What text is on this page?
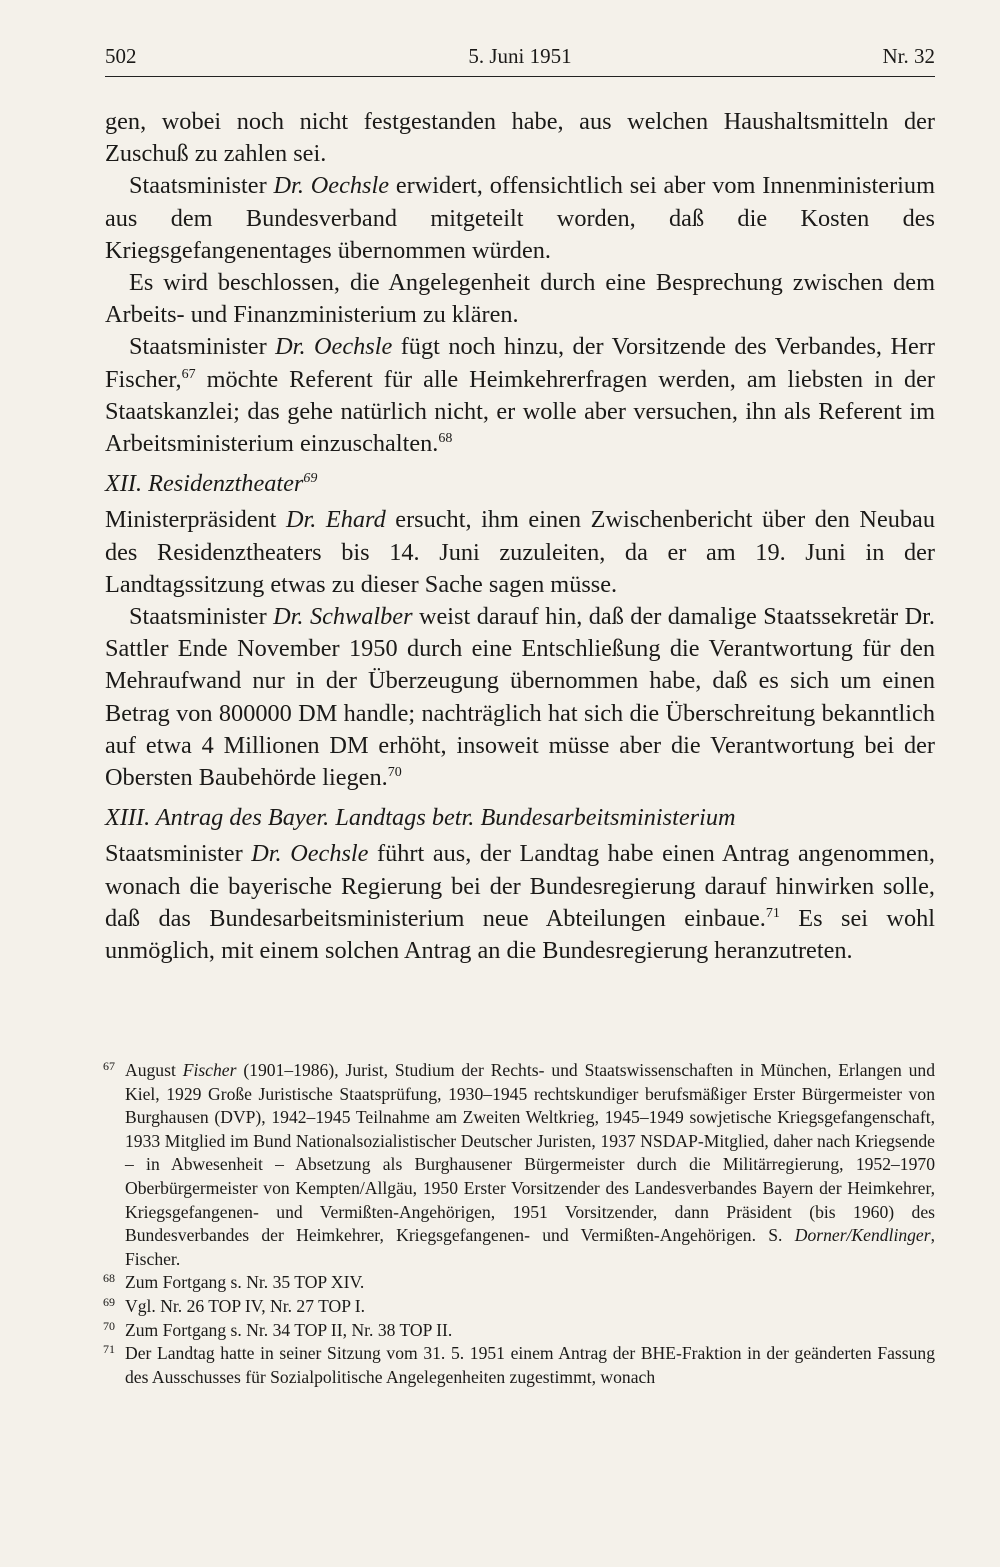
502	5. Juni 1951	Nr. 32

gen, wobei noch nicht festgestanden habe, aus welchen Haushaltsmitteln der Zuschuß zu zahlen sei.

Staatsminister Dr. Oechsle erwidert, offensichtlich sei aber vom Innenministerium aus dem Bundesverband mitgeteilt worden, daß die Kosten des Kriegsgefangenentages übernommen würden.

Es wird beschlossen, die Angelegenheit durch eine Besprechung zwischen dem Arbeits- und Finanzministerium zu klären.

Staatsminister Dr. Oechsle fügt noch hinzu, der Vorsitzende des Verbandes, Herr Fischer,$^{67}$ möchte Referent für alle Heimkehrerfragen werden, am liebsten in der Staatskanzlei; das gehe natürlich nicht, er wolle aber versuchen, ihn als Referent im Arbeitsministerium einzuschalten.$^{68}$

XII. Residenztheater$^{69}$

Ministerpräsident Dr. Ehard ersucht, ihm einen Zwischenbericht über den Neubau des Residenztheaters bis 14. Juni zuzuleiten, da er am 19. Juni in der Landtagssitzung etwas zu dieser Sache sagen müsse.

Staatsminister Dr. Schwalber weist darauf hin, daß der damalige Staatssekretär Dr. Sattler Ende November 1950 durch eine Entschließung die Verantwortung für den Mehraufwand nur in der Überzeugung übernommen habe, daß es sich um einen Betrag von 800000 DM handle; nachträglich hat sich die Überschreitung bekanntlich auf etwa 4 Millionen DM erhöht, insoweit müsse aber die Verantwortung bei der Obersten Baubehörde liegen.$^{70}$

XIII. Antrag des Bayer. Landtags betr. Bundesarbeitsministerium

Staatsminister Dr. Oechsle führt aus, der Landtag habe einen Antrag angenommen, wonach die bayerische Regierung bei der Bundesregierung darauf hinwirken solle, daß das Bundesarbeitsministerium neue Abteilungen einbaue.$^{71}$ Es sei wohl unmöglich, mit einem solchen Antrag an die Bundesregierung heranzutreten.

67 August Fischer (1901–1986), Jurist, Studium der Rechts- und Staatswissenschaften in München, Erlangen und Kiel, 1929 Große Juristische Staatsprüfung, 1930–1945 rechtskundiger berufsmäßiger Erster Bürgermeister von Burghausen (DVP), 1942–1945 Teilnahme am Zweiten Weltkrieg, 1945–1949 sowjetische Kriegsgefangenschaft, 1933 Mitglied im Bund Nationalsozialistischer Deutscher Juristen, 1937 NSDAP-Mitglied, daher nach Kriegsende – in Abwesenheit – Absetzung als Burghausener Bürgermeister durch die Militärregierung, 1952–1970 Oberbürgermeister von Kempten/Allgäu, 1950 Erster Vorsitzender des Landesverbandes Bayern der Heimkehrer, Kriegsgefangenen- und Vermißten-Angehörigen, 1951 Vorsitzender, dann Präsident (bis 1960) des Bundesverbandes der Heimkehrer, Kriegsgefangenen- und Vermißten-Angehörigen. S. Dorner/Kendlinger, Fischer.
68 Zum Fortgang s. Nr. 35 TOP XIV.
69 Vgl. Nr. 26 TOP IV, Nr. 27 TOP I.
70 Zum Fortgang s. Nr. 34 TOP II, Nr. 38 TOP II.
71 Der Landtag hatte in seiner Sitzung vom 31. 5. 1951 einem Antrag der BHE-Fraktion in der geänderten Fassung des Ausschusses für Sozialpolitische Angelegenheiten zugestimmt, wonach
